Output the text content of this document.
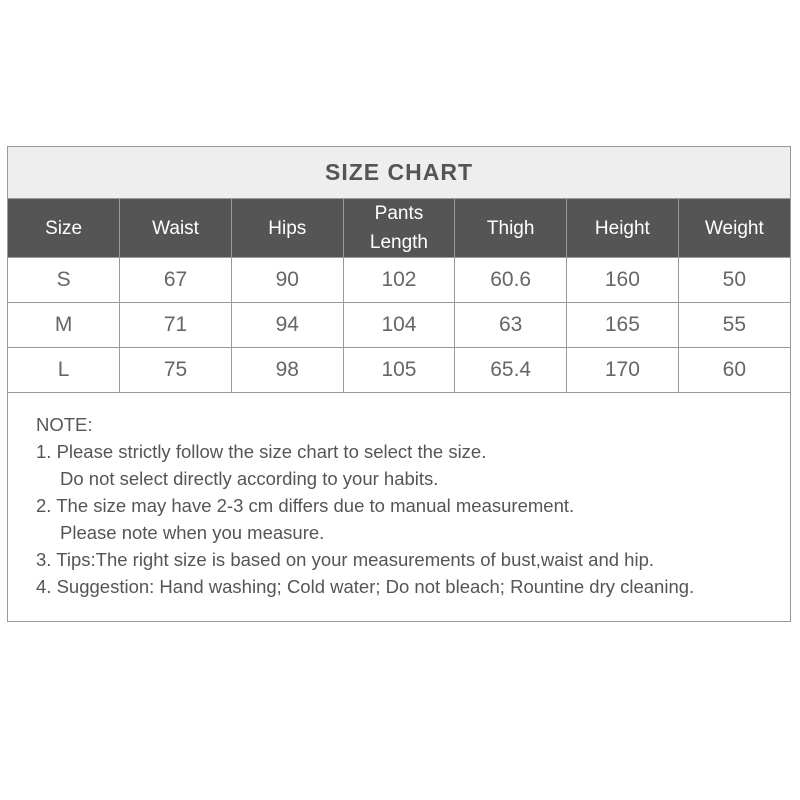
SIZE CHART
Size	Waist	Hips	Pants Length	Thigh	Height	Weight
S	67	90	102	60.6	160	50
M	71	94	104	63	165	55
L	75	98	105	65.4	170	60
NOTE:
1. Please strictly follow the size chart to select the size.
Do not select directly according to your habits.
2. The size may have 2-3 cm differs due to manual measurement.
Please note when you measure.
3. Tips:The right size is based on your measurements of bust,waist and hip.
4. Suggestion: Hand washing; Cold water; Do not bleach; Rountine dry cleaning.
